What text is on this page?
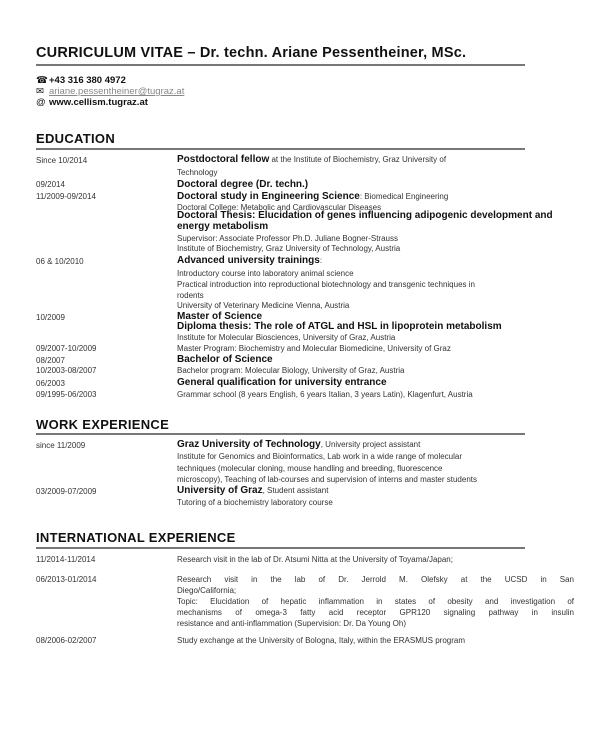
CURRICULUM VITAE – Dr. techn. Ariane Pessentheiner, MSc.
☎+43 316 380 4972
✉ ariane.pessentheiner@tugraz.at
@ www.cellism.tugraz.at
EDUCATION
Since 10/2014	Postdoctoral fellow at the Institute of Biochemistry, Graz University of
Technology
09/2014	Doctoral degree (Dr. techn.)
11/2009-09/2014	Doctoral study in Engineering Science: Biomedical Engineering
Doctoral College: Metabolic and Cardiovascular Diseases
Doctoral Thesis: Elucidation of genes influencing adipogenic development and
energy metabolism
Supervisor: Associate Professor Ph.D. Juliane Bogner-Strauss
Institute of Biochemistry, Graz University of Technology, Austria
06 & 10/2010	Advanced university trainings:
Introductory course into laboratory animal science
Practical introduction into reproductional biotechnology and transgenic techniques in
rodents
University of Veterinary Medicine Vienna, Austria
10/2009	Master of Science
Diploma thesis: The role of ATGL and HSL in lipoprotein metabolism
Institute for Molecular Biosciences, University of Graz, Austria
09/2007-10/2009	Master Program: Biochemistry and Molecular Biomedicine, University of Graz
08/2007	Bachelor of Science
10/2003-08/2007	Bachelor program: Molecular Biology, University of Graz, Austria
06/2003	General qualification for university entrance
09/1995-06/2003	Grammar school (8 years English, 6 years Italian, 3 years Latin), Klagenfurt, Austria
WORK EXPERIENCE
since 11/2009	Graz University of Technology, University project assistant
Institute for Genomics and Bioinformatics, Lab work in a wide range of molecular
techniques (molecular cloning, mouse handling and breeding, fluorescence
microscopy), Teaching of lab-courses and supervision of interns and master students
03/2009-07/2009	University of Graz, Student assistant
Tutoring of a biochemistry laboratory course
INTERNATIONAL EXPERIENCE
11/2014-11/2014	Research visit in the lab of Dr. Atsumi Nitta at the University of Toyama/Japan;
06/2013-01/2014	Research visit in the lab of Dr. Jerrold M. Olefsky at the UCSD in San
Diego/California;
Topic: Elucidation of hepatic inflammation in states of obesity and investigation of
mechanisms of omega-3 fatty acid receptor GPR120 signaling pathway in insulin
resistance and anti-inflammation (Supervision: Dr. Da Young Oh)
08/2006-02/2007	Study exchange at the University of Bologna, Italy, within the ERASMUS program
